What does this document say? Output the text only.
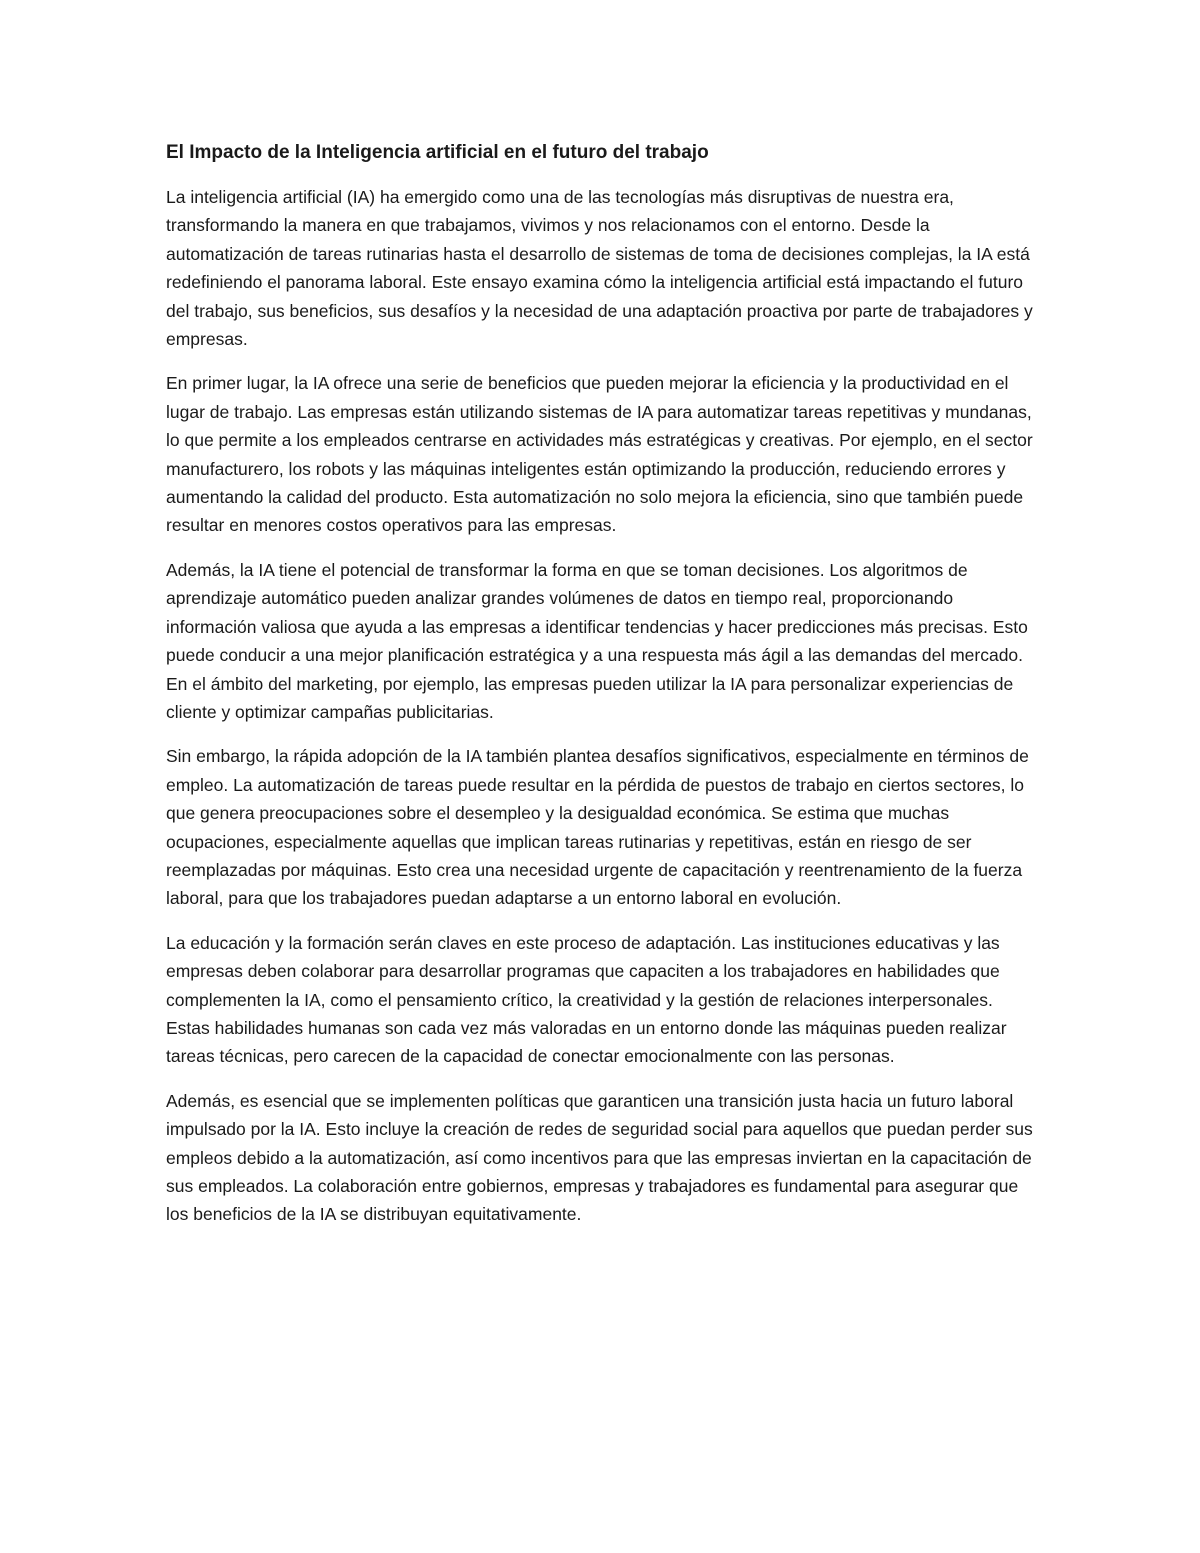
El Impacto de la Inteligencia artificial en el futuro del trabajo

La inteligencia artificial (IA) ha emergido como una de las tecnologías más disruptivas de nuestra era, transformando la manera en que trabajamos, vivimos y nos relacionamos con el entorno. Desde la automatización de tareas rutinarias hasta el desarrollo de sistemas de toma de decisiones complejas, la IA está redefiniendo el panorama laboral. Este ensayo examina cómo la inteligencia artificial está impactando el futuro del trabajo, sus beneficios, sus desafíos y la necesidad de una adaptación proactiva por parte de trabajadores y empresas.

En primer lugar, la IA ofrece una serie de beneficios que pueden mejorar la eficiencia y la productividad en el lugar de trabajo. Las empresas están utilizando sistemas de IA para automatizar tareas repetitivas y mundanas, lo que permite a los empleados centrarse en actividades más estratégicas y creativas. Por ejemplo, en el sector manufacturero, los robots y las máquinas inteligentes están optimizando la producción, reduciendo errores y aumentando la calidad del producto. Esta automatización no solo mejora la eficiencia, sino que también puede resultar en menores costos operativos para las empresas.

Además, la IA tiene el potencial de transformar la forma en que se toman decisiones. Los algoritmos de aprendizaje automático pueden analizar grandes volúmenes de datos en tiempo real, proporcionando información valiosa que ayuda a las empresas a identificar tendencias y hacer predicciones más precisas. Esto puede conducir a una mejor planificación estratégica y a una respuesta más ágil a las demandas del mercado. En el ámbito del marketing, por ejemplo, las empresas pueden utilizar la IA para personalizar experiencias de cliente y optimizar campañas publicitarias.

Sin embargo, la rápida adopción de la IA también plantea desafíos significativos, especialmente en términos de empleo. La automatización de tareas puede resultar en la pérdida de puestos de trabajo en ciertos sectores, lo que genera preocupaciones sobre el desempleo y la desigualdad económica. Se estima que muchas ocupaciones, especialmente aquellas que implican tareas rutinarias y repetitivas, están en riesgo de ser reemplazadas por máquinas. Esto crea una necesidad urgente de capacitación y reentrenamiento de la fuerza laboral, para que los trabajadores puedan adaptarse a un entorno laboral en evolución.

La educación y la formación serán claves en este proceso de adaptación. Las instituciones educativas y las empresas deben colaborar para desarrollar programas que capaciten a los trabajadores en habilidades que complementen la IA, como el pensamiento crítico, la creatividad y la gestión de relaciones interpersonales. Estas habilidades humanas son cada vez más valoradas en un entorno donde las máquinas pueden realizar tareas técnicas, pero carecen de la capacidad de conectar emocionalmente con las personas.

Además, es esencial que se implementen políticas que garanticen una transición justa hacia un futuro laboral impulsado por la IA. Esto incluye la creación de redes de seguridad social para aquellos que puedan perder sus empleos debido a la automatización, así como incentivos para que las empresas inviertan en la capacitación de sus empleados. La colaboración entre gobiernos, empresas y trabajadores es fundamental para asegurar que los beneficios de la IA se distribuyan equitativamente.
